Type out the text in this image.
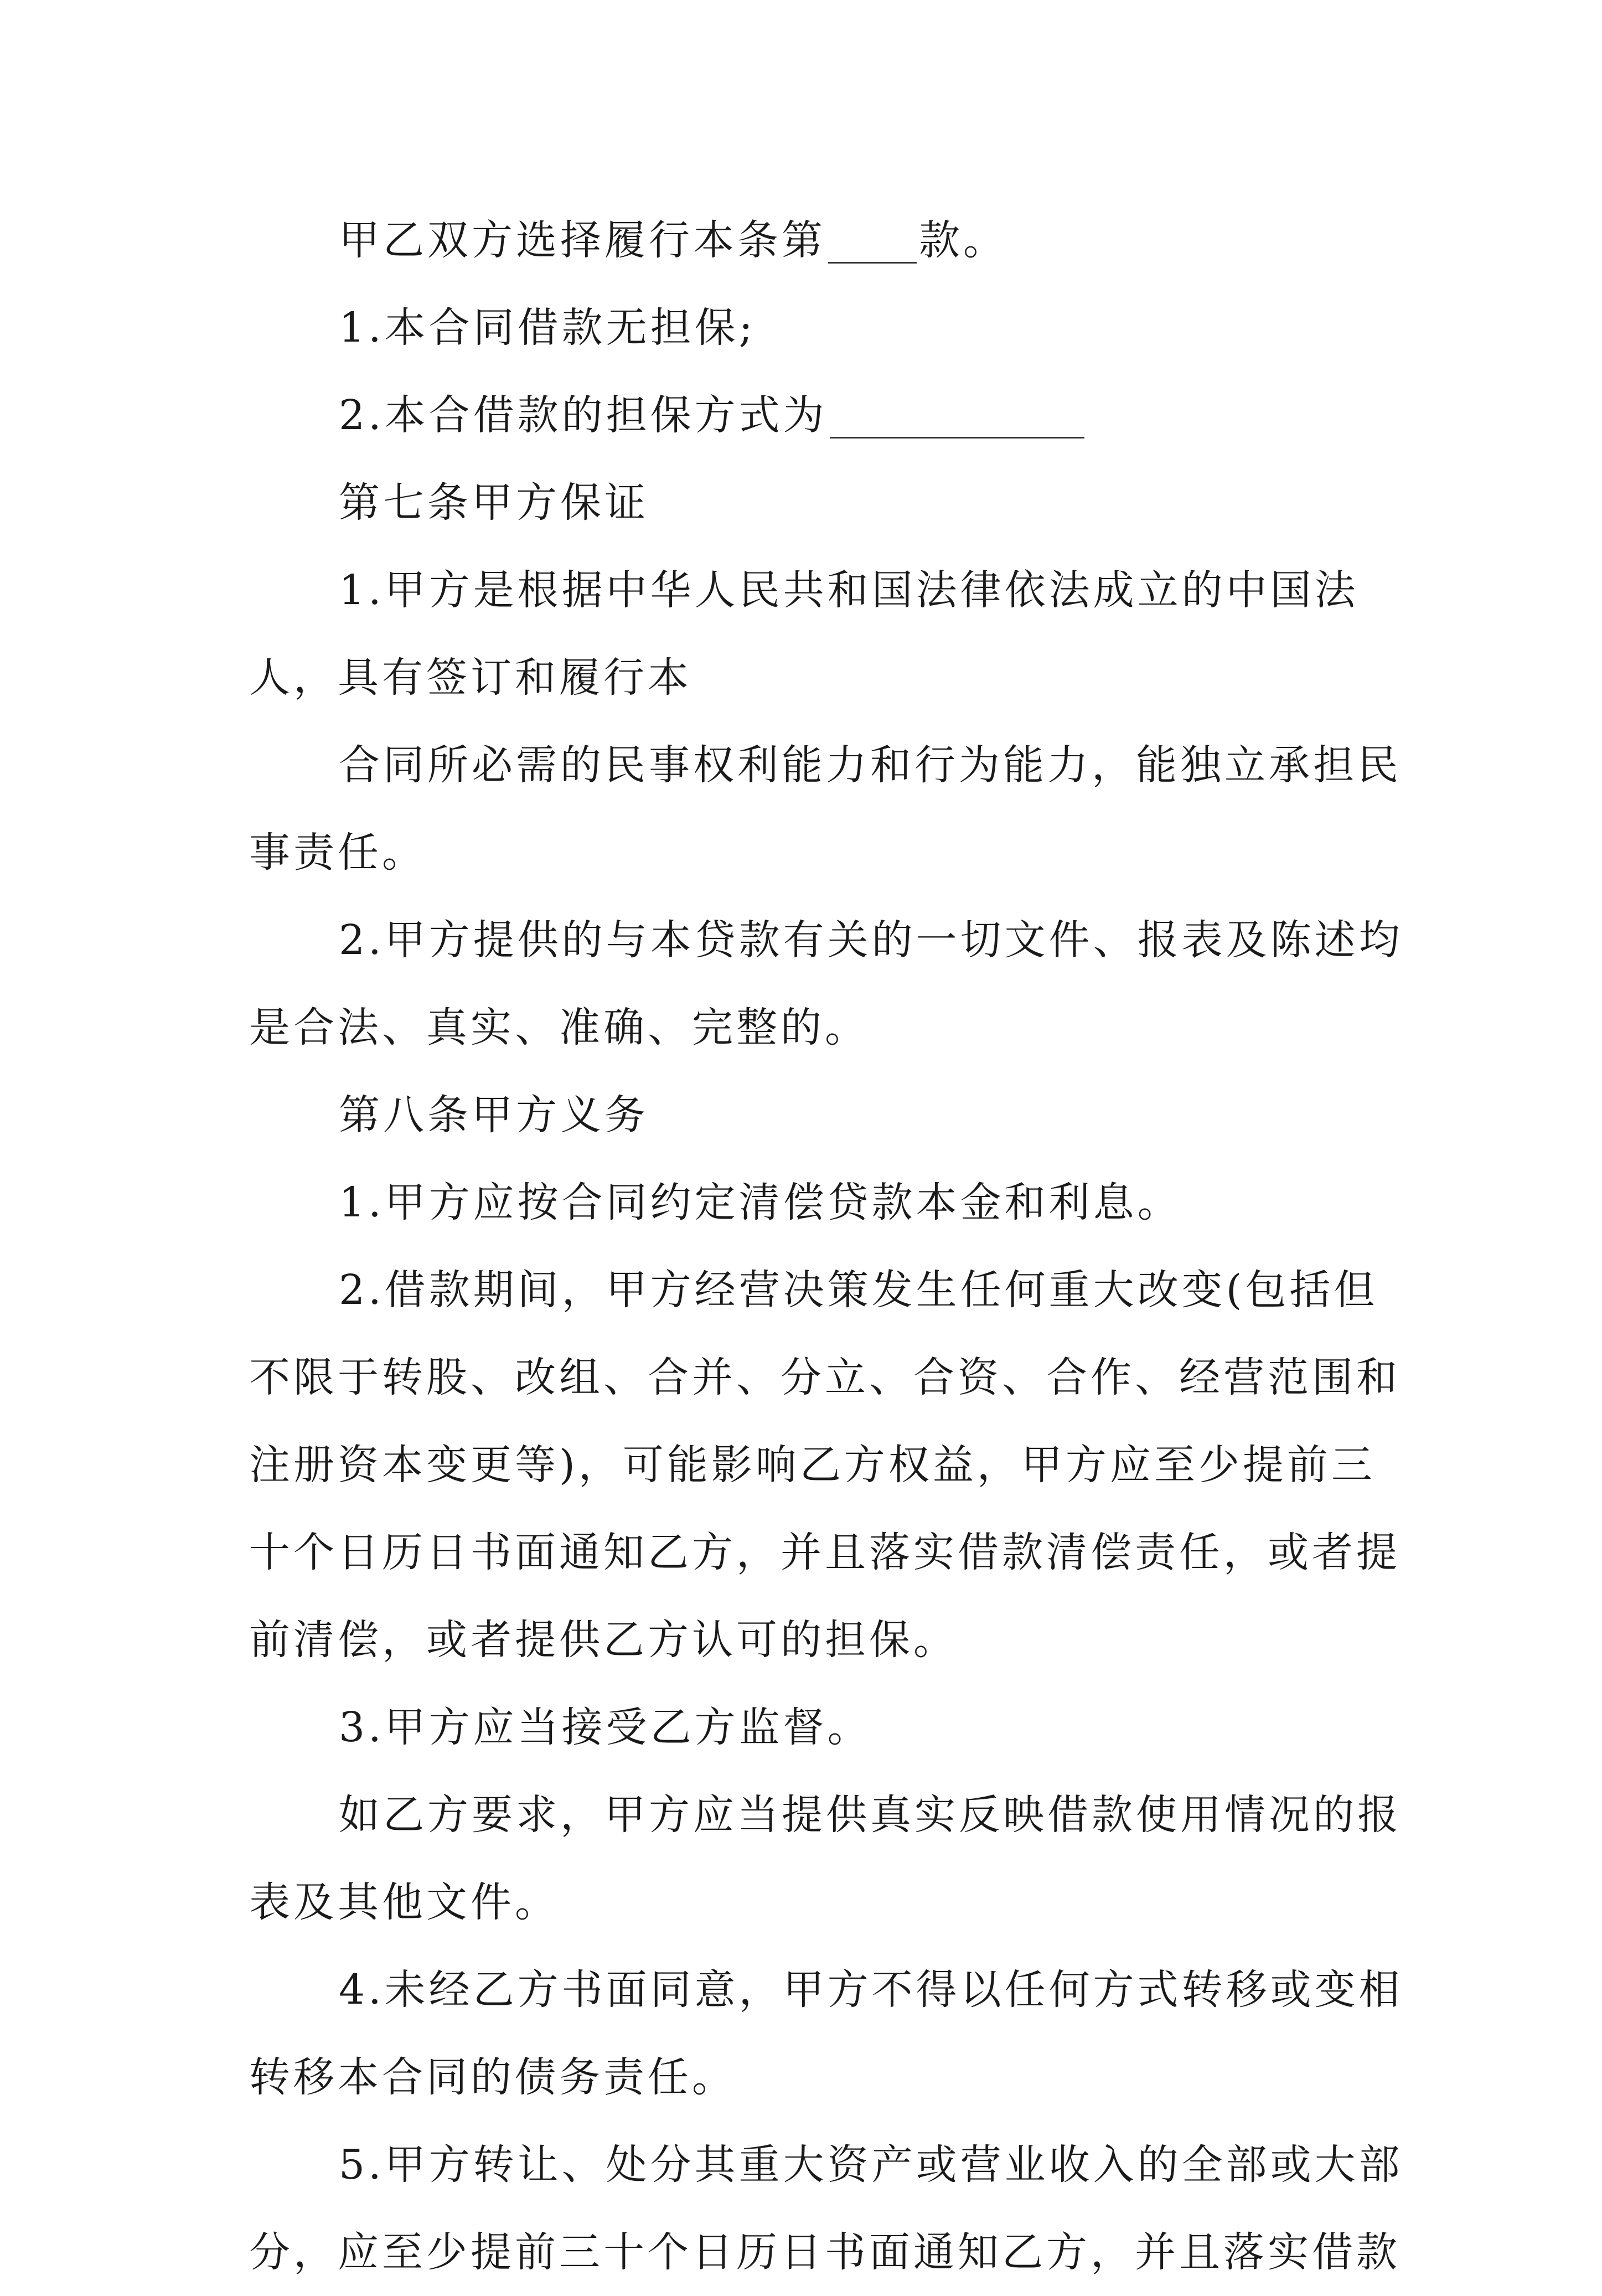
甲乙双方选择履行本条第 款。
1.本合同借款无担保;
2.本合借款的担保方式为
第七条甲方保证
1.甲方是根据中华人民共和国法律依法成立的中国法
人，具有签订和履行本
合同所必需的民事权利能力和行为能力，能独立承担民
事责任。
2.甲方提供的与本贷款有关的一切文件、报表及陈述均
是合法、真实、准确、完整的。
第八条甲方义务
1.甲方应按合同约定清偿贷款本金和利息。
2.借款期间，甲方经营决策发生任何重大改变(包括但
不限于转股、改组、合并、分立、合资、合作、经营范围和
注册资本变更等)，可能影响乙方权益，甲方应至少提前三
十个日历日书面通知乙方，并且落实借款清偿责任，或者提
前清偿，或者提供乙方认可的担保。
3.甲方应当接受乙方监督。
如乙方要求，甲方应当提供真实反映借款使用情况的报
表及其他文件。
4.未经乙方书面同意，甲方不得以任何方式转移或变相
转移本合同的债务责任。
5.甲方转让、处分其重大资产或营业收入的全部或大部
分，应至少提前三十个日历日书面通知乙方，并且落实借款
